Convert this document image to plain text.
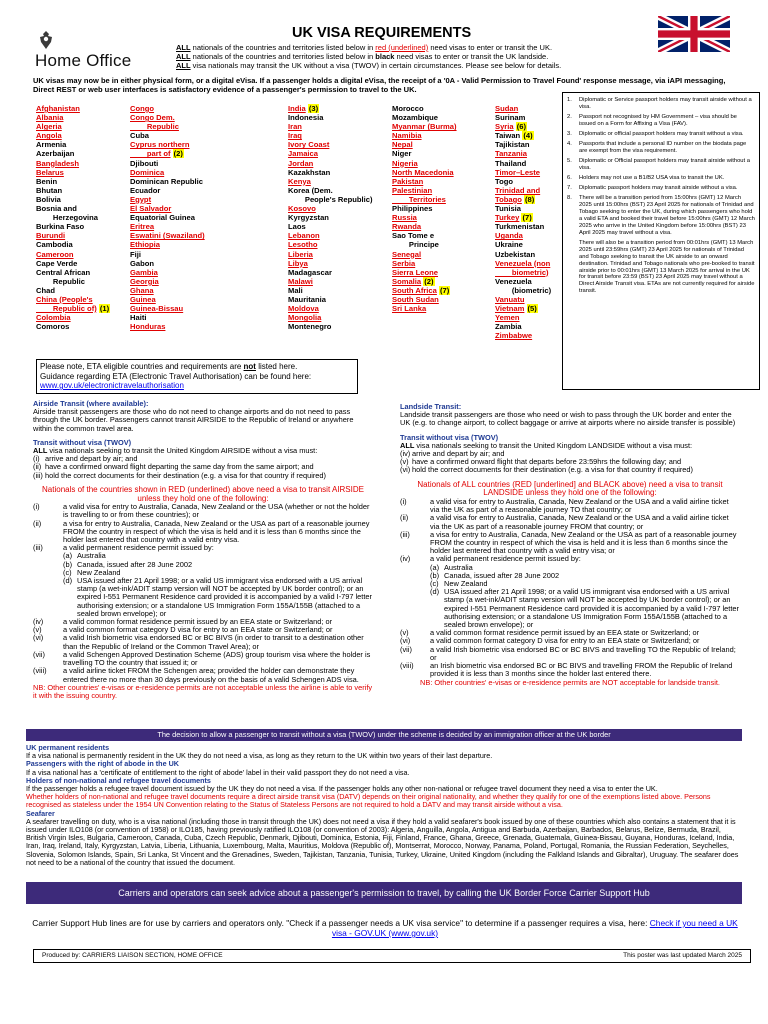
Home Office
UK VISA REQUIREMENTS
ALL nationals of the countries and territories listed below in red (underlined) need visas to enter or transit the UK.
ALL nationals of the countries and territories listed below in black need visas to enter or transit the UK landside.
ALL visa nationals may transit the UK without a visa (TWOV) in certain circumstances. Please see below for details.
UK visas may now be in either physical form, or a digital eVisa. If a passenger holds a digital eVisa, the receipt of a '0A - Valid Permission to Travel Found' response message, via iAPI messaging, Direct REST or web user interfaces is satisfactory evidence of a passenger's permission to travel to the UK.
Afghanistan
Albania
Algeria
Angola
Armenia
Azerbaijan
Bangladesh
Belarus
Benin
Bhutan
Bolivia
Bosnia and
Herzegovina
Burkina Faso
Burundi
Cambodia
Cameroon
Cape Verde
Central African
Republic
Chad
China (People's
Republic of) (1)
Colombia
Comoros
Congo
Congo Dem.
Republic
Cuba
Cyprus northern
part of (2)
Djibouti
Dominica
Dominican Republic
Ecuador
Egypt
El Salvador
Equatorial Guinea
Eritrea
Eswatini (Swaziland)
Ethiopia
Fiji
Gabon
Gambia
Georgia
Ghana
Guinea
Guinea-Bissau
Haiti
Honduras
India (3)
Indonesia
Iran
Iraq
Ivory Coast
Jamaica
Jordan
Kazakhstan
Kenya
Korea (Dem.
People's Republic)
Kosovo
Kyrgyzstan
Laos
Lebanon
Lesotho
Liberia
Libya
Madagascar
Malawi
Mali
Mauritania
Moldova
Mongolia
Montenegro
Morocco
Mozambique
Myanmar (Burma)
Namibia
Nepal
Niger
Nigeria
North Macedonia
Pakistan
Palestinian
Territories
Philippines
Russia
Rwanda
Sao Tome e
Principe
Senegal
Serbia
Sierra Leone
Somalia (2)
South Africa (7)
South Sudan
Sri Lanka
Sudan
Surinam
Syria (6)
Taiwan (4)
Tajikistan
Tanzania
Thailand
Timor–Leste
Togo
Trinidad and
Tobago (8)
Tunisia
Turkey (7)
Turkmenistan
Uganda
Ukraine
Uzbekistan
Venezuela (non
biometric)
Venezuela
(biometric)
Vanuatu
Vietnam (5)
Yemen
Zambia
Zimbabwe
1.	Diplomatic or Service passport holders may transit airside without a visa.
2.	Passport not recognised by HM Government – visa should be issued on a Form for Affixing a Visa (FAV).
3.	Diplomatic or official passport holders may transit without a visa.
4.	Passports that include a personal ID number on the biodata page are exempt from the visa requirement.
5.	Diplomatic or Official passport holders may transit airside without a visa.
6.	Holders may not use a B1/B2 USA visa to transit the UK.
7.	Diplomatic passport holders may transit airside without a visa.
8.	There will be a transition period from 15:00hrs (GMT) 12 March 2025 until 15:00hrs (BST) 23 April 2025 for nationals of Trinidad and Tobago seeking to enter the UK, during which passengers who hold a valid ETA and booked their travel before 15:00hrs (GMT) 12 March 2025 who arrive in the United Kingdom before 15:00hrs (BST) 23 April 2025 may travel without a visa.
There will also be a transition period from 00:01hrs (GMT) 13 March 2025 until 23:59hrs (GMT) 23 April 2025 for nationals of Trinidad and Tobago seeking to transit the UK airside to an onward destination. Trinidad and Tobago nationals who pre-booked to transit airside prior to 00:01hrs (GMT) 13 March 2025 for arrival in the UK for transit before 23:59 (BST) 23 April 2025 may travel without a Direct Airside Transit visa. ETAs are not currently required for airside transit.
Please note, ETA eligible countries and requirements are not listed here.
Guidance regarding ETA (Electronic Travel Authorisation) can be found here:
www.gov.uk/electronictravelauthorisation
Airside Transit (where available):
Airside transit passengers are those who do not need to change airports and do not need to pass through the UK border. Passengers cannot transit AIRSIDE to the Republic of Ireland or anywhere within the common travel area.
Transit without visa (TWOV)
ALL visa nationals seeking to transit the United Kingdom AIRSIDE without a visa must:
(i) arrive and depart by air; and
(ii) have a confirmed onward flight departing the same day from the same airport; and
(iii) hold the correct documents for their destination (e.g. a visa for that country if required)
Nationals of the countries shown in RED (underlined) above need a visa to transit AIRSIDE unless they hold one of the following:
(i)	a valid visa for entry to Australia, Canada, New Zealand or the USA (whether or not the holder is travelling to or from these countries); or
(ii)	a visa for entry to Australia, Canada, New Zealand or the USA as part of a reasonable journey FROM the country in respect of which the visa is held and it is less than 6 months since the holder last entered that country with a valid entry visa.
(iii)	a valid permanent residence permit issued by:
(a) Australia
(b) Canada, issued after 28 June 2002
(c) New Zealand
(d) USA issued after 21 April 1998; or a valid US immigrant visa endorsed with a US arrival stamp (a wet-ink/ADIT stamp version will NOT be accepted by UK border control); or an expired I-551 Permanent Residence card provided it is accompanied by a valid I-797 letter authorising extension; or a standalone US Immigration Form 155A/155B (attached to a sealed brown envelope); or
(iv)	a valid common format residence permit issued by an EEA state or Switzerland; or
(v)	a valid common format category D visa for entry to an EEA state or Switzerland; or
(vi)	a valid Irish biometric visa endorsed BC or BC BIVS (in order to transit to a destination other than the Republic of Ireland or the Common Travel Area); or
(vii)	a valid Schengen Approved Destination Scheme (ADS) group tourism visa where the holder is travelling TO the country that issued it; or
(viii)	a valid airline ticket FROM the Schengen area; provided the holder can demonstrate they entered there no more than 30 days previously on the basis of a valid Schengen ADS visa.
NB: Other countries' e-visas or e-residence permits are not acceptable unless the airline is able to verify it with the issuing country.
Landside Transit:
Landside transit passengers are those who need or wish to pass through the UK border and enter the UK (e.g. to change airport, to collect baggage or arrive at airports where no airside transfer is possible)
Transit without visa (TWOV)
ALL visa nationals seeking to transit the United Kingdom LANDSIDE without a visa must:
(iv) arrive and depart by air; and
(v) have a confirmed onward flight that departs before 23:59hrs the following day; and
(vi) hold the correct documents for their destination (e.g. a visa for that country if required)
Nationals of ALL countries (RED [underlined] and BLACK above) need a visa to transit LANDSIDE unless they hold one of the following:
(i)	a valid visa for entry to Australia, Canada, New Zealand or the USA and a valid airline ticket via the UK as part of a reasonable journey TO that country; or
(ii)	a valid visa for entry to Australia, Canada, New Zealand or the USA and a valid airline ticket via the UK as part of a reasonable journey FROM that country; or
(iii)	a visa for entry to Australia, Canada, New Zealand or the USA as part of a reasonable journey FROM the country in respect of which the visa is held and it is less than 6 months since the holder last entered that country with a valid entry visa; or
(iv)	a valid permanent residence permit issued by:
(a) Australia
(b) Canada, issued after 28 June 2002
(c) New Zealand
(d) USA issued after 21 April 1998; or a valid US immigrant visa endorsed with a US arrival stamp (a wet-ink/ADIT stamp version will NOT be accepted by UK border control); or an expired I-551 Permanent Residence card provided it is accompanied by a valid I-797 letter authorising extension; or a standalone US Immigration Form 155A/155B (attached to a sealed brown envelope); or
(v)	a valid common format residence permit issued by an EEA state or Switzerland; or
(vi)	a valid common format category D visa for entry to an EEA state or Switzerland; or
(vii)	a valid Irish biometric visa endorsed BC or BC BIVS and travelling TO the Republic of Ireland; or
(viii)	an Irish biometric visa endorsed BC or BC BIVS and travelling FROM the Republic of Ireland provided it is less than 3 months since the holder last entered there.
NB: Other countries' e-visas or e-residence permits are NOT acceptable for landside transit.
The decision to allow a passenger to transit without a visa (TWOV) under the scheme is decided by an immigration officer at the UK border
UK permanent residents
If a visa national is permanently resident in the UK they do not need a visa, as long as they return to the UK within two years of their last departure.
Passengers with the right of abode in the UK
If a visa national has a 'certificate of entitlement to the right of abode' label in their valid passport they do not need a visa.
Holders of non-national and refugee travel documents
If the passenger holds a refugee travel document issued by the UK they do not need a visa. If the passenger holds any other non-national or refugee travel document they need a visa to enter the UK.
Whether holders of non-national and refugee travel documents require a direct airside transit visa (DATV) depends on their original nationality, and whether they qualify for one of the exemptions listed above. Persons recognised as stateless under the 1954 UN Convention relating to the Status of Stateless Persons are not required to hold a DATV and may transit airside without a visa.
Seafarer
A seafarer travelling on duty, who is a visa national (including those in transit through the UK) does not need a visa if they hold a valid seafarer's book issued by one of these countries which also contains a statement that it is issued under ILO108 (or convention of 1958) or ILO185, having previously ratified ILO108 (or convention of 2003): Algeria, Anguilla, Angola, Antigua and Barbuda, Azerbaijan, Barbados, Belarus, Belize, Bermuda, Brazil, British Virgin Isles, Bulgaria, Cameroon, Canada, Cuba, Czech Republic, Denmark, Djibouti, Dominica, Estonia, Fiji, Finland, France, Ghana, Greece, Grenada, Guatemala, Guinea-Bissau, Guyana, Honduras, Iceland, India, Iran, Iraq, Ireland, Italy, Kyrgyzstan, Latvia, Liberia, Lithuania, Luxembourg, Malta, Mauritius, Moldova (Republic of), Montserrat, Morocco, Norway, Panama, Poland, Portugal, Romania, the Russian Federation, Seychelles, Slovenia, Solomon Islands, Spain, Sri Lanka, St Vincent and the Grenadines, Sweden, Tajikistan, Tanzania, Tunisia, Turkey, Ukraine, United Kingdom (including the Falkland Islands and Gibraltar), Uruguay. The seafarer does not need to be a national of the country that issued the document.
Carriers and operators can seek advice about a passenger's permission to travel, by calling the UK Border Force Carrier Support Hub
Carrier Support Hub lines are for use by carriers and operators only. "Check if a passenger needs a UK visa service" to determine if a passenger requires a visa, here: Check if you need a UK visa - GOV.UK (www.gov.uk)
Produced by: CARRIERS LIAISON SECTION, HOME OFFICE	This poster was last updated March 2025
